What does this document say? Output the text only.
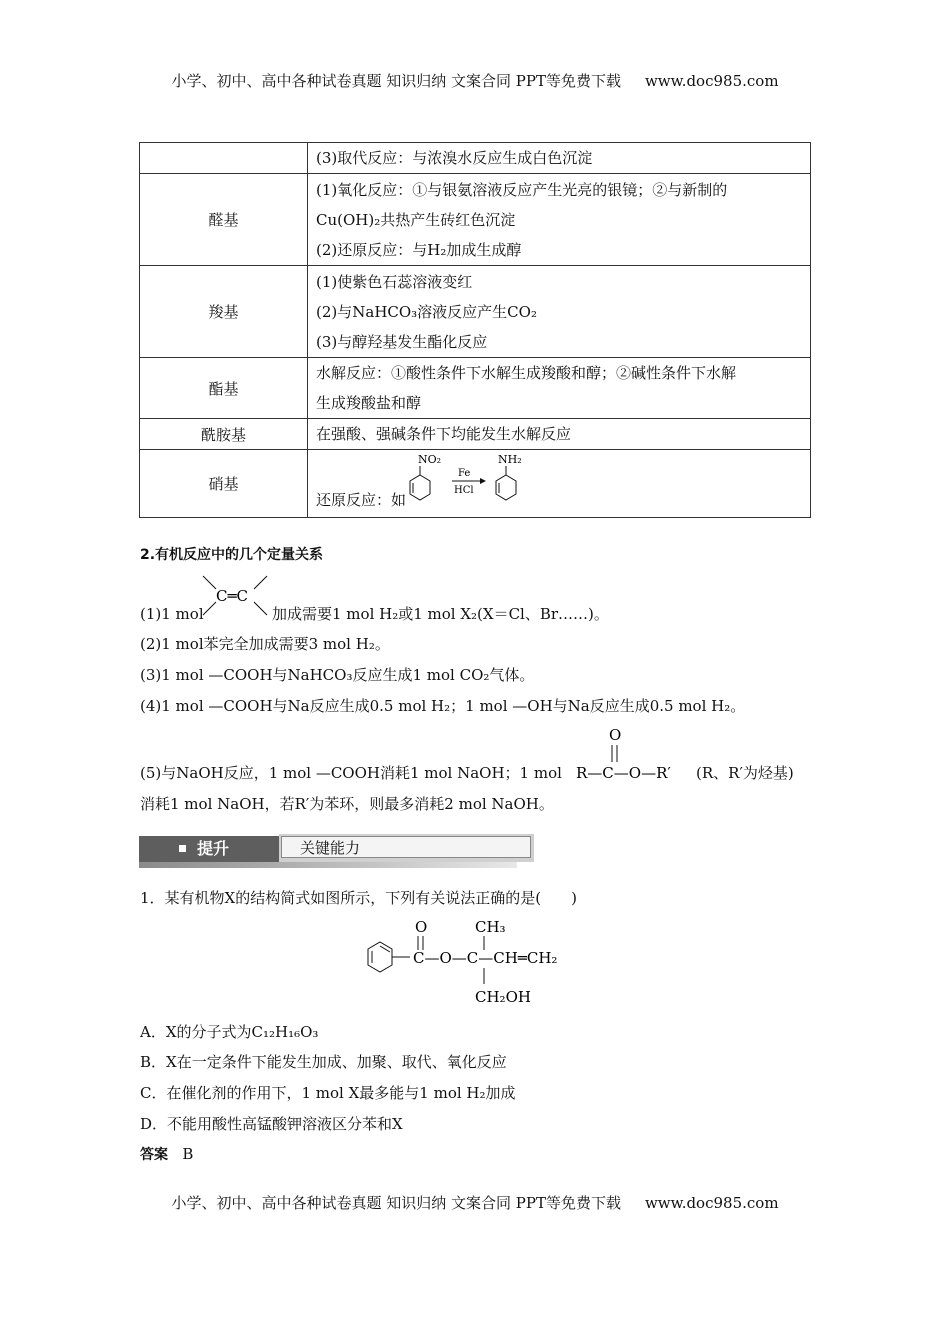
小学、初中、高中各种试卷真题 知识归纳 文案合同 PPT等免费下载 www.doc985.com

	(3)取代反应：与浓溴水反应生成白色沉淀

醛基	(1)氧化反应：①与银氨溶液反应产生光亮的银镜；②与新制的
Cu(OH)₂共热产生砖红色沉淀
(2)还原反应：与H₂加成生成醇

羧基	(1)使紫色石蕊溶液变红
(2)与NaHCO₃溶液反应产生CO₂
(3)与醇羟基发生酯化反应

酯基	水解反应：①酸性条件下水解生成羧酸和醇；②碱性条件下水解
生成羧酸盐和醇

酰胺基	在强酸、强碱条件下均能发生水解反应

硝基	还原反应：如
NO₂
Fe
HCl
NH₂
2.有机反应中的几个定量关系
(1)1 mol
C═C
加成需要1 mol H₂或1 mol X₂(X＝Cl、Br……)。
(2)1 mol苯完全加成需要3 mol H₂。
(3)1 mol —COOH与NaHCO₃反应生成1 mol CO₂气体。
(4)1 mol —COOH与Na反应生成0.5 mol H₂；1 mol —OH与Na反应生成0.5 mol H₂。
(5)与NaOH反应，1 mol —COOH消耗1 mol NaOH；1 mol
O
R—C—O—R′ (R、R′为烃基)
消耗1 mol NaOH，若R′为苯环，则最多消耗2 mol NaOH。
提升	关键能力
1．某有机物X的结构简式如图所示，下列有关说法正确的是(　　)
O
C—O—C—CH═CH₂
CH₃
CH₂OH
A．X的分子式为C₁₂H₁₆O₃
B．X在一定条件下能发生加成、加聚、取代、氧化反应
C．在催化剂的作用下，1 mol X最多能与1 mol H₂加成
D．不能用酸性高锰酸钾溶液区分苯和X
答案 B
小学、初中、高中各种试卷真题 知识归纳 文案合同 PPT等免费下载 www.doc985.com
